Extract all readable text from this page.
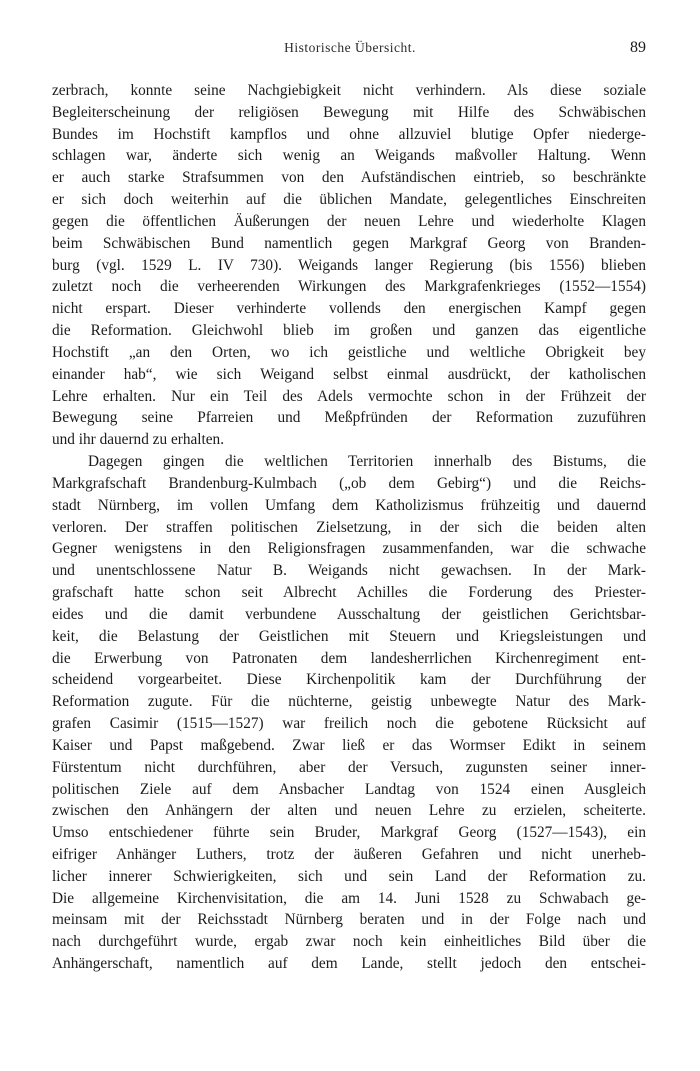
Historische Übersicht.	89
zerbrach, konnte seine Nachgiebigkeit nicht verhindern. Als diese soziale
Begleiterscheinung der religiösen Bewegung mit Hilfe des Schwäbischen
Bundes im Hochstift kampflos und ohne allzuviel blutige Opfer niederge-
schlagen war, änderte sich wenig an Weigands maßvoller Haltung. Wenn
er auch starke Strafsummen von den Aufständischen eintrieb, so beschränkte
er sich doch weiterhin auf die üblichen Mandate, gelegentliches Einschreiten
gegen die öffentlichen Äußerungen der neuen Lehre und wiederholte Klagen
beim Schwäbischen Bund namentlich gegen Markgraf Georg von Branden-
burg (vgl. 1529 L. IV 730). Weigands langer Regierung (bis 1556) blieben
zuletzt noch die verheerenden Wirkungen des Markgrafenkrieges (1552—1554)
nicht erspart. Dieser verhinderte vollends den energischen Kampf gegen
die Reformation. Gleichwohl blieb im großen und ganzen das eigentliche
Hochstift „an den Orten, wo ich geistliche und weltliche Obrigkeit bey
einander hab“, wie sich Weigand selbst einmal ausdrückt, der katholischen
Lehre erhalten. Nur ein Teil des Adels vermochte schon in der Frühzeit der
Bewegung seine Pfarreien und Meßpfründen der Reformation zuzuführen
und ihr dauernd zu erhalten.
Dagegen gingen die weltlichen Territorien innerhalb des Bistums, die
Markgrafschaft Brandenburg-Kulmbach („ob dem Gebirg“) und die Reichs-
stadt Nürnberg, im vollen Umfang dem Katholizismus frühzeitig und dauernd
verloren. Der straffen politischen Zielsetzung, in der sich die beiden alten
Gegner wenigstens in den Religionsfragen zusammenfanden, war die schwache
und unentschlossene Natur B. Weigands nicht gewachsen. In der Mark-
grafschaft hatte schon seit Albrecht Achilles die Forderung des Priester-
eides und die damit verbundene Ausschaltung der geistlichen Gerichtsbar-
keit, die Belastung der Geistlichen mit Steuern und Kriegsleistungen und
die Erwerbung von Patronaten dem landesherrlichen Kirchenregiment ent-
scheidend vorgearbeitet. Diese Kirchenpolitik kam der Durchführung der
Reformation zugute. Für die nüchterne, geistig unbewegte Natur des Mark-
grafen Casimir (1515—1527) war freilich noch die gebotene Rücksicht auf
Kaiser und Papst maßgebend. Zwar ließ er das Wormser Edikt in seinem
Fürstentum nicht durchführen, aber der Versuch, zugunsten seiner inner-
politischen Ziele auf dem Ansbacher Landtag von 1524 einen Ausgleich
zwischen den Anhängern der alten und neuen Lehre zu erzielen, scheiterte.
Umso entschiedener führte sein Bruder, Markgraf Georg (1527—1543), ein
eifriger Anhänger Luthers, trotz der äußeren Gefahren und nicht unerheb-
licher innerer Schwierigkeiten, sich und sein Land der Reformation zu.
Die allgemeine Kirchenvisitation, die am 14. Juni 1528 zu Schwabach ge-
meinsam mit der Reichsstadt Nürnberg beraten und in der Folge nach und
nach durchgeführt wurde, ergab zwar noch kein einheitliches Bild über die
Anhängerschaft, namentlich auf dem Lande, stellt jedoch den entschei-
